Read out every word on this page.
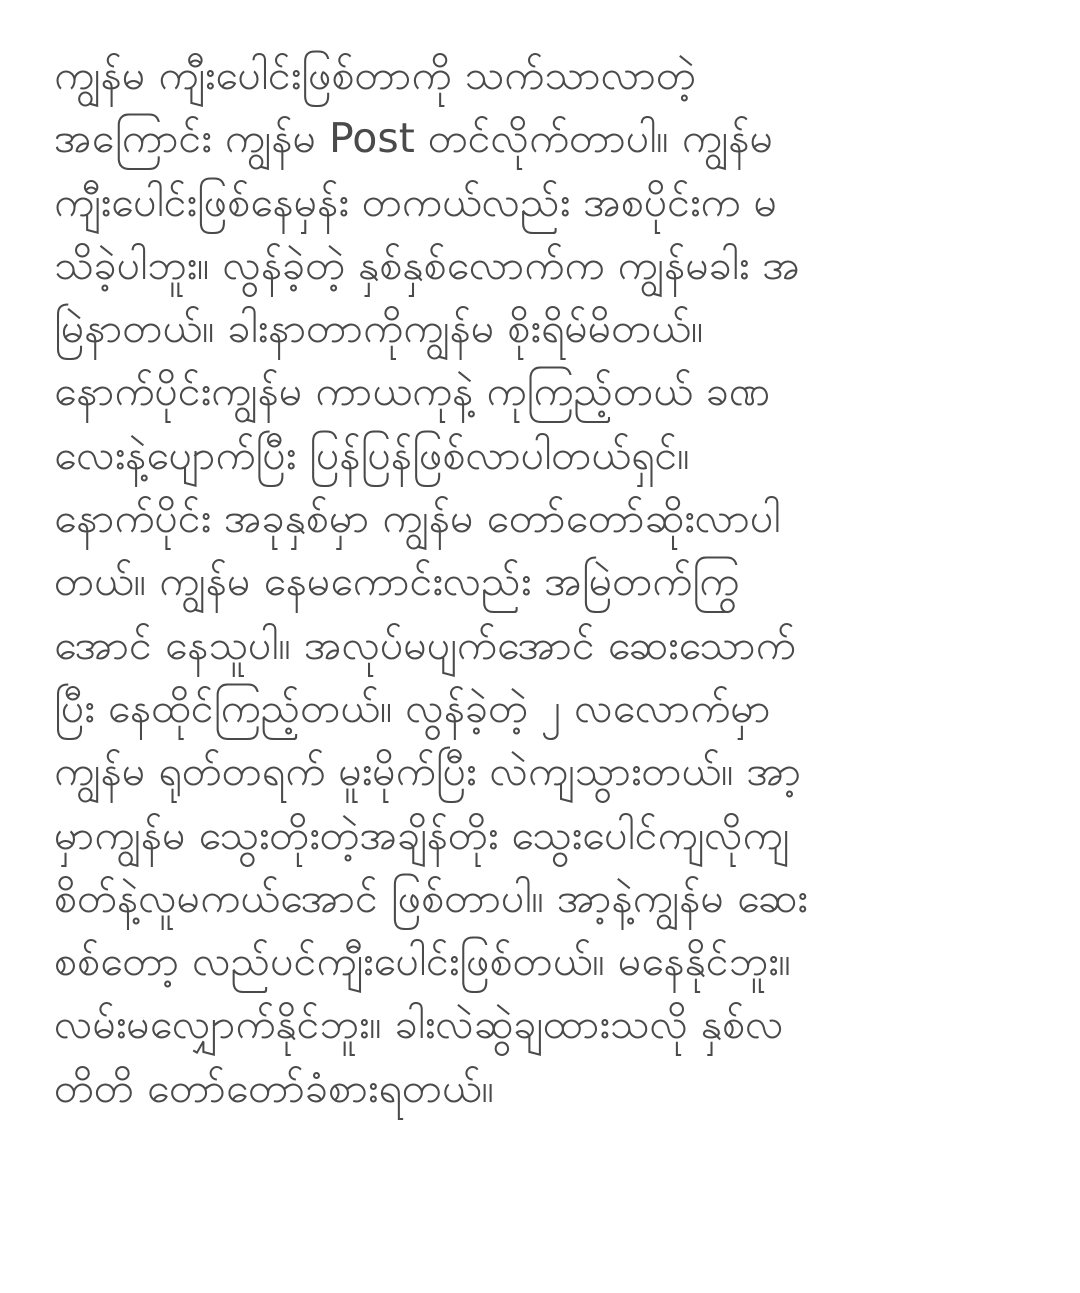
ကျွန်မ ကျီးပေါင်းဖြစ်တာကို သက်သာလာတဲ့
အကြောင်း ကျွန်မ Post တင်လိုက်တာပါ။ ကျွန်မ
ကျီးပေါင်းဖြစ်နေမှန်း တကယ်လည်း အစပိုင်းက မ
သိခဲ့ပါဘူး။ လွန်ခဲ့တဲ့ နှစ်နှစ်လောက်က ကျွန်မခါး အ
မြဲနာတယ်။ ခါးနာတာကိုကျွန်မ စိုးရိမ်မိတယ်။
နောက်ပိုင်းကျွန်မ ကာယကုနဲ့ ကုကြည့်တယ် ခဏ
လေးနဲ့ပျောက်ပြီး ပြန်ပြန်ဖြစ်လာပါတယ်ရှင်။
နောက်ပိုင်း အခုနှစ်မှာ ကျွန်မ တော်တော်ဆိုးလာပါ
တယ်။ ကျွန်မ နေမကောင်းလည်း အမြဲတက်ကြွ
အောင် နေသူပါ။ အလုပ်မပျက်အောင် ဆေးသောက်
ပြီး နေထိုင်ကြည့်တယ်။ လွန်ခဲ့တဲ့ ၂ လလောက်မှာ
ကျွန်မ ရုတ်တရက် မူးမိုက်ပြီး လဲကျသွားတယ်။ အာ့
မှာကျွန်မ သွေးတိုးတဲ့အချိန်တိုး သွေးပေါင်ကျလိုကျ
စိတ်နဲ့လူမကယ်အောင် ဖြစ်တာပါ။ အာ့နဲ့ကျွန်မ ဆေး
စစ်တော့ လည်ပင်ကျီးပေါင်းဖြစ်တယ်။ မနေနိုင်ဘူး။
လမ်းမလျှောက်နိုင်ဘူး။ ခါးလဲဆွဲချထားသလို နှစ်လ
တိတိ တော်တော်ခံစားရတယ်။
